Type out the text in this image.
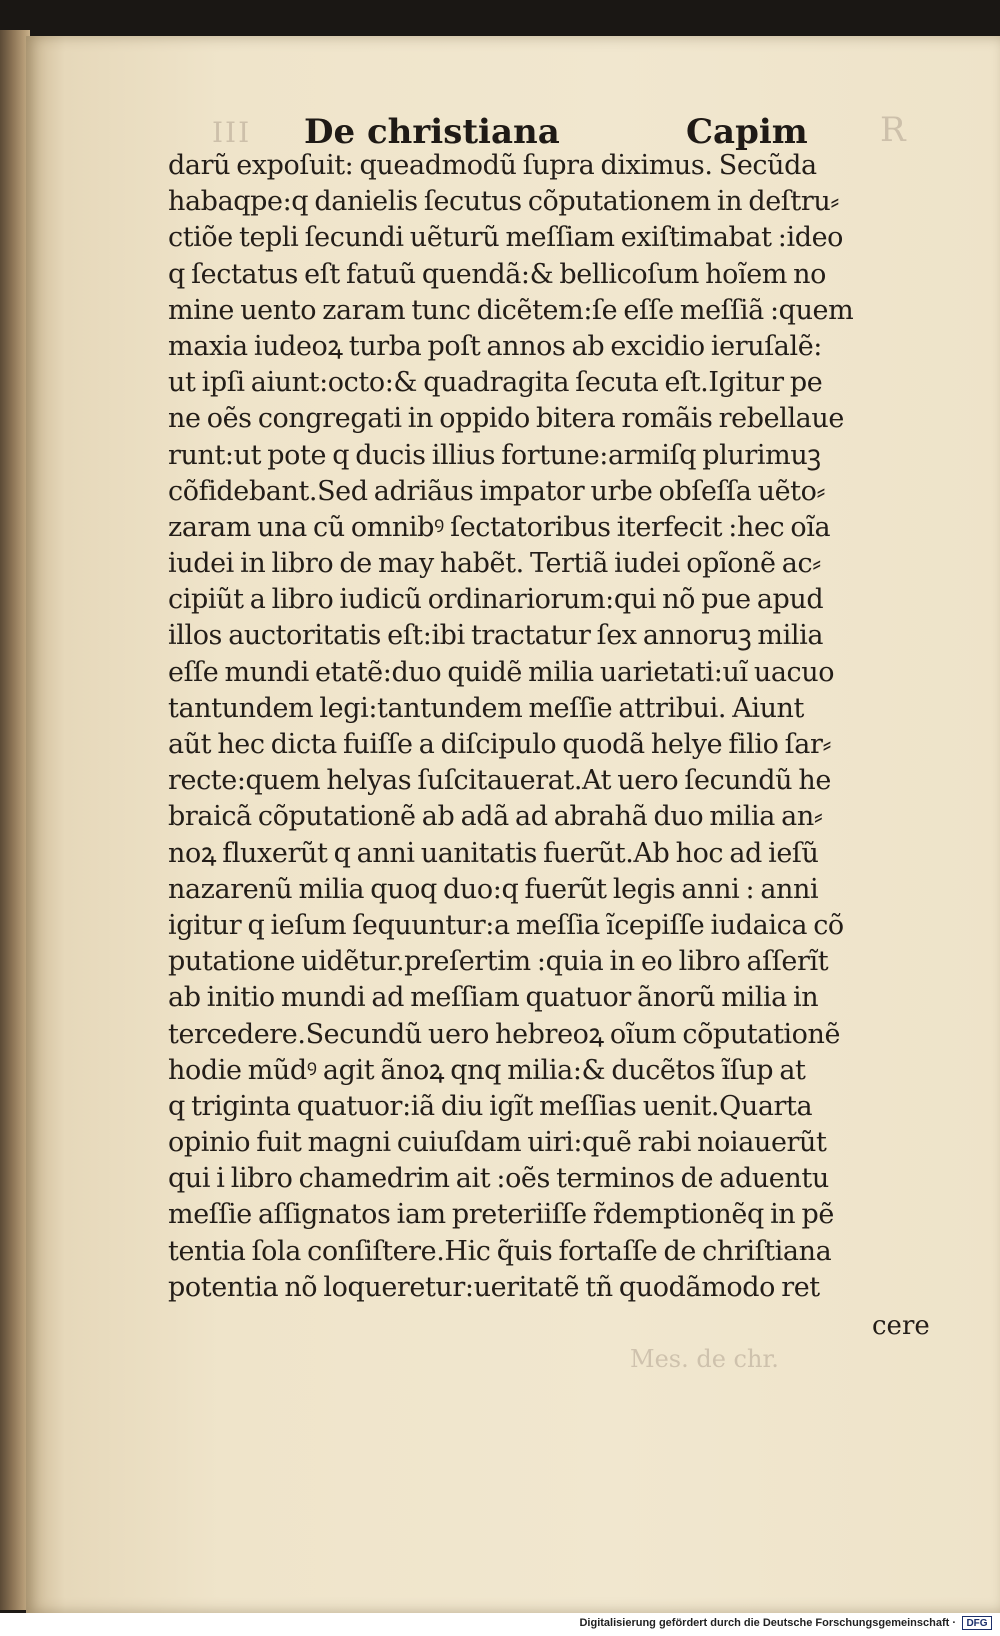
III	R
Mes. de chr.
De christiana	Capim
darũ expoſuit: queadmodũ ſupra diximus. Secũda
habaqpe:q danielis ſecutus cõputationem in deſtru⸗
ctiõe tepli ſecundi uẽturũ meſſiam exiſtimabat :ideo
q ſectatus eſt fatuũ quendã:& bellicoſum hoĩem no
mine uento zaram tunc dicẽtem:ſe eſſe meſſiã :quem
maxia iudeoꝝ turba poſt annos ab excidio ieruſalẽ:
ut ipſi aiunt:octo:& quadragita ſecuta eſt.Igitur pe
ne oẽs congregati in oppido bitera romãis rebellaue
runt:ut pote q ducis illius fortune:armiſq plurimuꝫ
cõfidebant.Sed adriãus impator urbe obſeſſa uẽto⸗
zaram una cũ omnibꝰ ſectatoribus iterfecit :hec oĩa
iudei in libro de may habẽt. Tertiã iudei opĩonẽ ac⸗
cipiũt a libro iudicũ ordinariorum:qui nõ pue apud
illos auctoritatis eſt:ibi tractatur ſex annoruꝫ milia
eſſe mundi etatẽ:duo quidẽ milia uarietati:uĩ uacuo
tantundem legi:tantundem meſſie attribui. Aiunt
aũt hec dicta fuiſſe a diſcipulo quodã helye filio ſar⸗
recte:quem helyas ſuſcitauerat.At uero ſecundũ he
braicã cõputationẽ ab adã ad abrahã duo milia an⸗
noꝝ fluxerũt q anni uanitatis fuerũt.Ab hoc ad ieſũ
nazarenũ milia quoq duo:q fuerũt legis anni : anni
igitur q ieſum ſequuntur:a meſſia ĩcepiſſe iudaica cõ
putatione uidẽtur.preſertim :quia in eo libro aſſerĩt
ab initio mundi ad meſſiam quatuor ãnorũ milia in
tercedere.Secundũ uero hebreoꝝ oĩum cõputationẽ
hodie mũdꝰ agit ãnoꝝ qnq milia:& ducẽtos ĩſup at
q triginta quatuor:iã diu igĩt meſſias uenit.Quarta
opinio fuit magni cuiuſdam uiri:quẽ rabi noiauerũt
qui i libro chamedrim ait :oẽs terminos de aduentu
meſſie aſſignatos iam preteriiſſe r̃demptionẽq in pẽ
tentia ſola conſiſtere.Hic q̃uis fortaſſe de chriſtiana
potentia nõ loqueretur:ueritatẽ tñ quodãmodo ret
cere
Digitalisierung gefördert durch die Deutsche Forschungsgemeinschaft ·	DFG
